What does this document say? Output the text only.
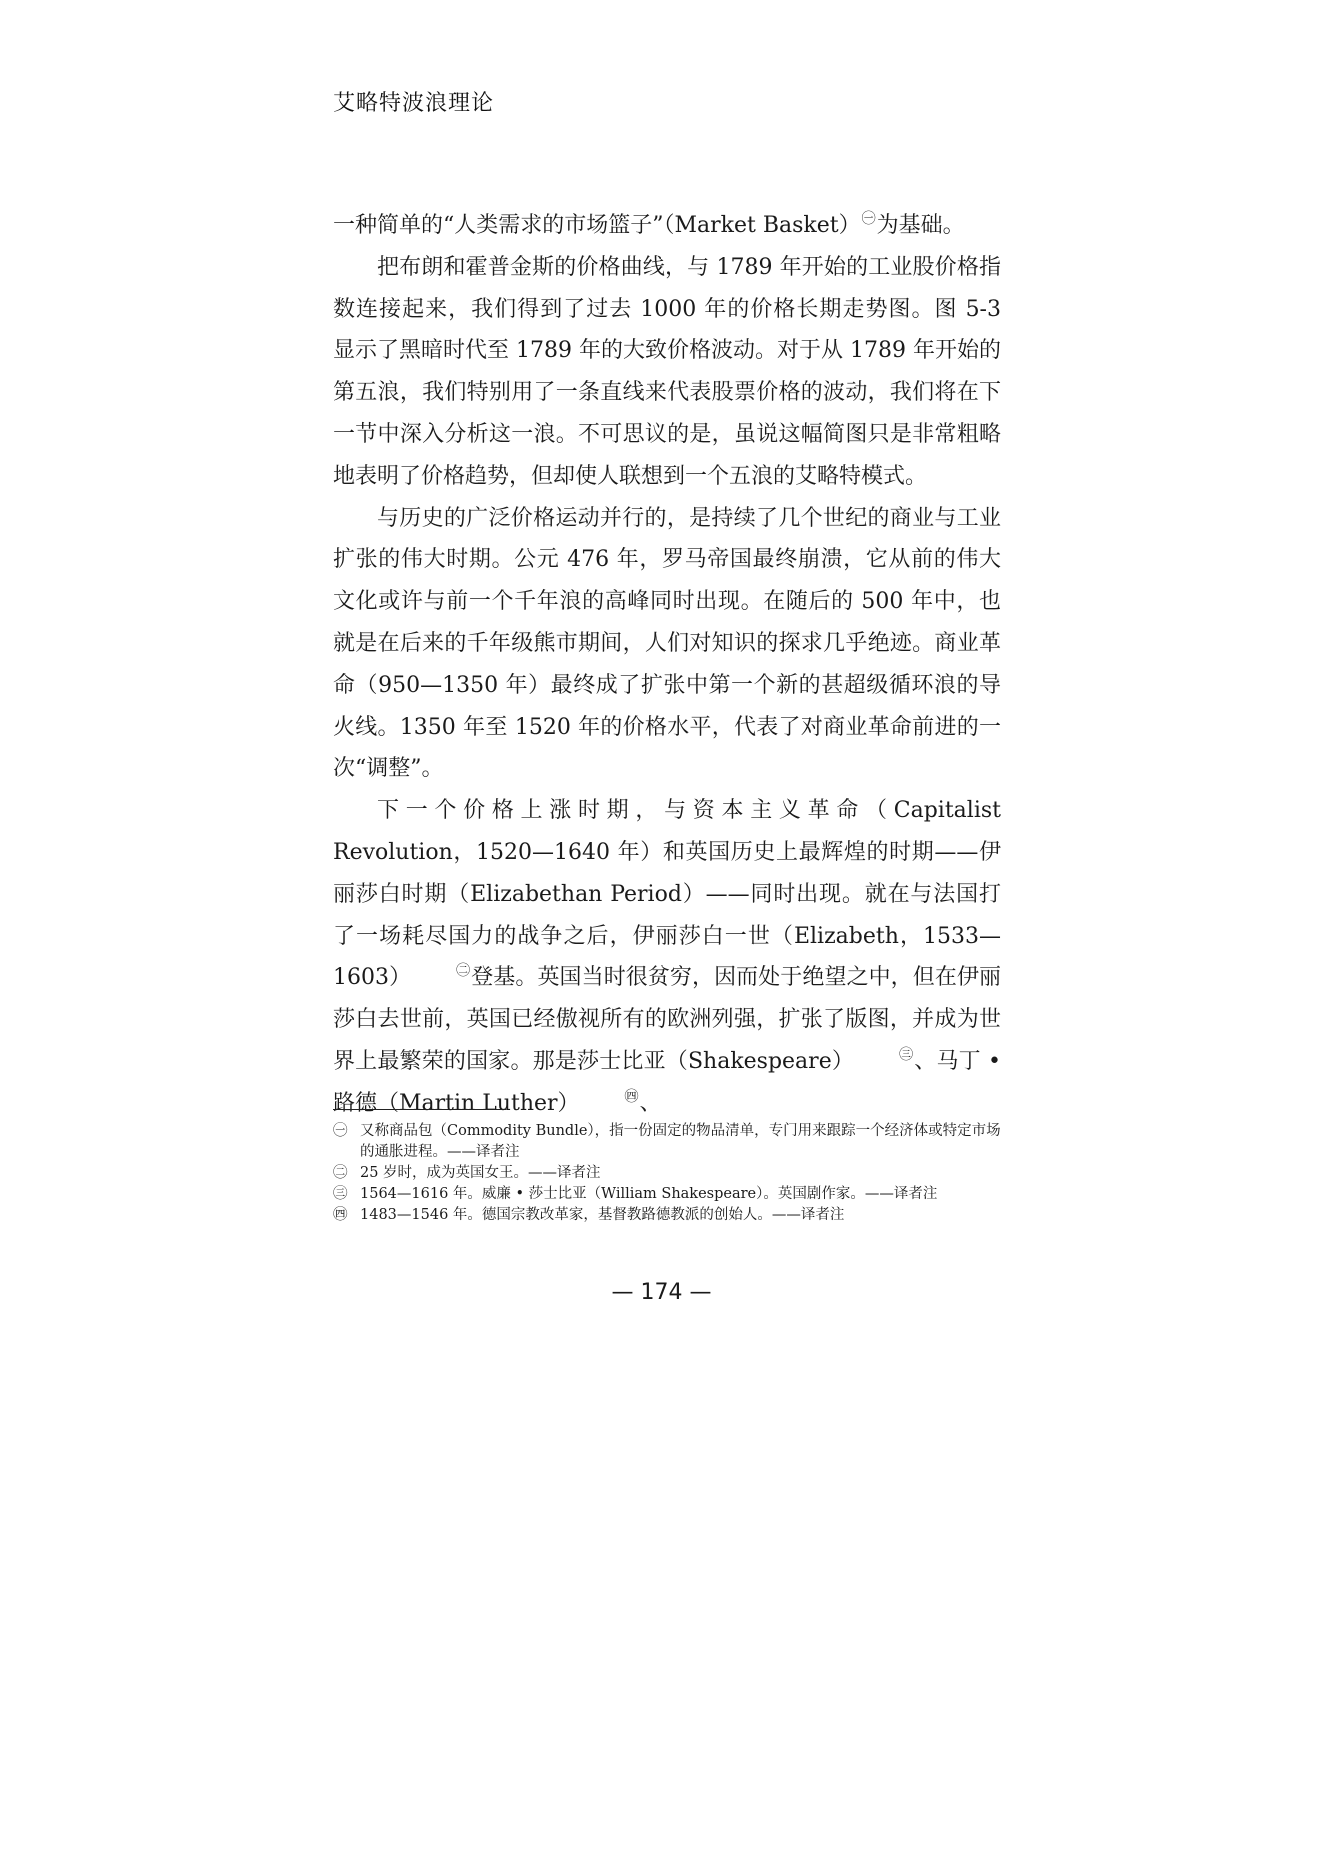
艾略特波浪理论

一种简单的“人类需求的市场篮子”（Market Basket）㊀为基础。

把布朗和霍普金斯的价格曲线，与 1789 年开始的工业股价格指数连接起来，我们得到了过去 1000 年的价格长期走势图。图 5-3 显示了黑暗时代至 1789 年的大致价格波动。对于从 1789 年开始的第五浪，我们特别用了一条直线来代表股票价格的波动，我们将在下一节中深入分析这一浪。不可思议的是，虽说这幅简图只是非常粗略地表明了价格趋势，但却使人联想到一个五浪的艾略特模式。

与历史的广泛价格运动并行的，是持续了几个世纪的商业与工业扩张的伟大时期。公元 476 年，罗马帝国最终崩溃，它从前的伟大文化或许与前一个千年浪的高峰同时出现。在随后的 500 年中，也就是在后来的千年级熊市期间，人们对知识的探求几乎绝迹。商业革命（950—1350 年）最终成了扩张中第一个新的甚超级循环浪的导火线。1350 年至 1520 年的价格水平，代表了对商业革命前进的一次“调整”。

下一个价格上涨时期，与资本主义革命（Capitalist Revolution，1520—1640 年）和英国历史上最辉煌的时期——伊丽莎白时期（Elizabethan Period）——同时出现。就在与法国打了一场耗尽国力的战争之后，伊丽莎白一世（Elizabeth，1533—1603）	㊁登基。英国当时很贫穷，因而处于绝望之中，但在伊丽莎白去世前，英国已经傲视所有的欧洲列强，扩张了版图，并成为世界上最繁荣的国家。那是莎士比亚（Shakespeare）	㊂、马丁 • 路德（Martin Luther）	㊃、

㊀ 又称商品包（Commodity Bundle），指一份固定的物品清单，专门用来跟踪一个经济体或特定市场的通胀进程。——译者注

㊁ 25 岁时，成为英国女王。——译者注

㊂ 1564—1616 年。威廉 • 莎士比亚（William Shakespeare）。英国剧作家。——译者注

㊃ 1483—1546 年。德国宗教改革家，基督教路德教派的创始人。——译者注

— 174 —
